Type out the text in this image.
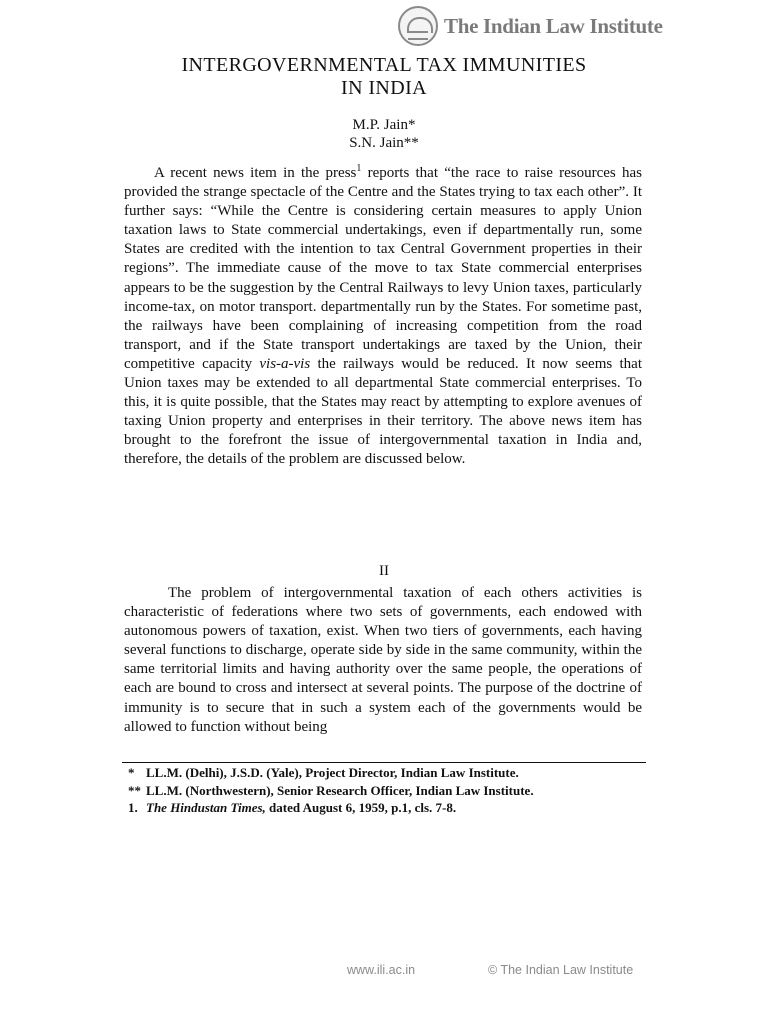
The Indian Law Institute
INTERGOVERNMENTAL TAX IMMUNITIES
IN INDIA
M.P. Jain*
S.N. Jain**

A recent news item in the press$^1$ reports that “the race to raise resources has provided the strange spectacle of the Centre and the States trying to tax each other”. It further says: “While the Centre is considering certain measures to apply Union taxation laws to State commercial undertakings, even if departmentally run, some States are credited with the intention to tax Central Government properties in their regions”. The immediate cause of the move to tax State commercial enterprises appears to be the suggestion by the Central Railways to levy Union taxes, particularly income-tax, on motor transport. departmentally run by the States. For sometime past, the railways have been complaining of increasing competition from the road transport, and if the State transport undertakings are taxed by the Union, their competitive capacity vis-a-vis the railways would be reduced. It now seems that Union taxes may be extended to all departmental State commercial enterprises. To this, it is quite possible, that the States may react by attempting to explore avenues of taxing Union property and enterprises in their territory. The above news item has brought to the forefront the issue of intergovernmental taxation in India and, therefore, the details of the problem are discussed below.

II

The problem of intergovernmental taxation of each others activities is characteristic of federations where two sets of governments, each endowed with autonomous powers of taxation, exist. When two tiers of governments, each having several functions to discharge, operate side by side in the same community, within the same territorial limits and having authority over the same people, the operations of each are bound to cross and intersect at several points. The purpose of the doctrine of immunity is to secure that in such a system each of the governments would be allowed to function without being

* LL.M. (Delhi), J.S.D. (Yale), Project Director, Indian Law Institute.
** LL.M. (Northwestern), Senior Research Officer, Indian Law Institute.
1. The Hindustan Times, dated August 6, 1959, p.1, cls. 7-8.
www.ili.ac.in	© The Indian Law Institute
